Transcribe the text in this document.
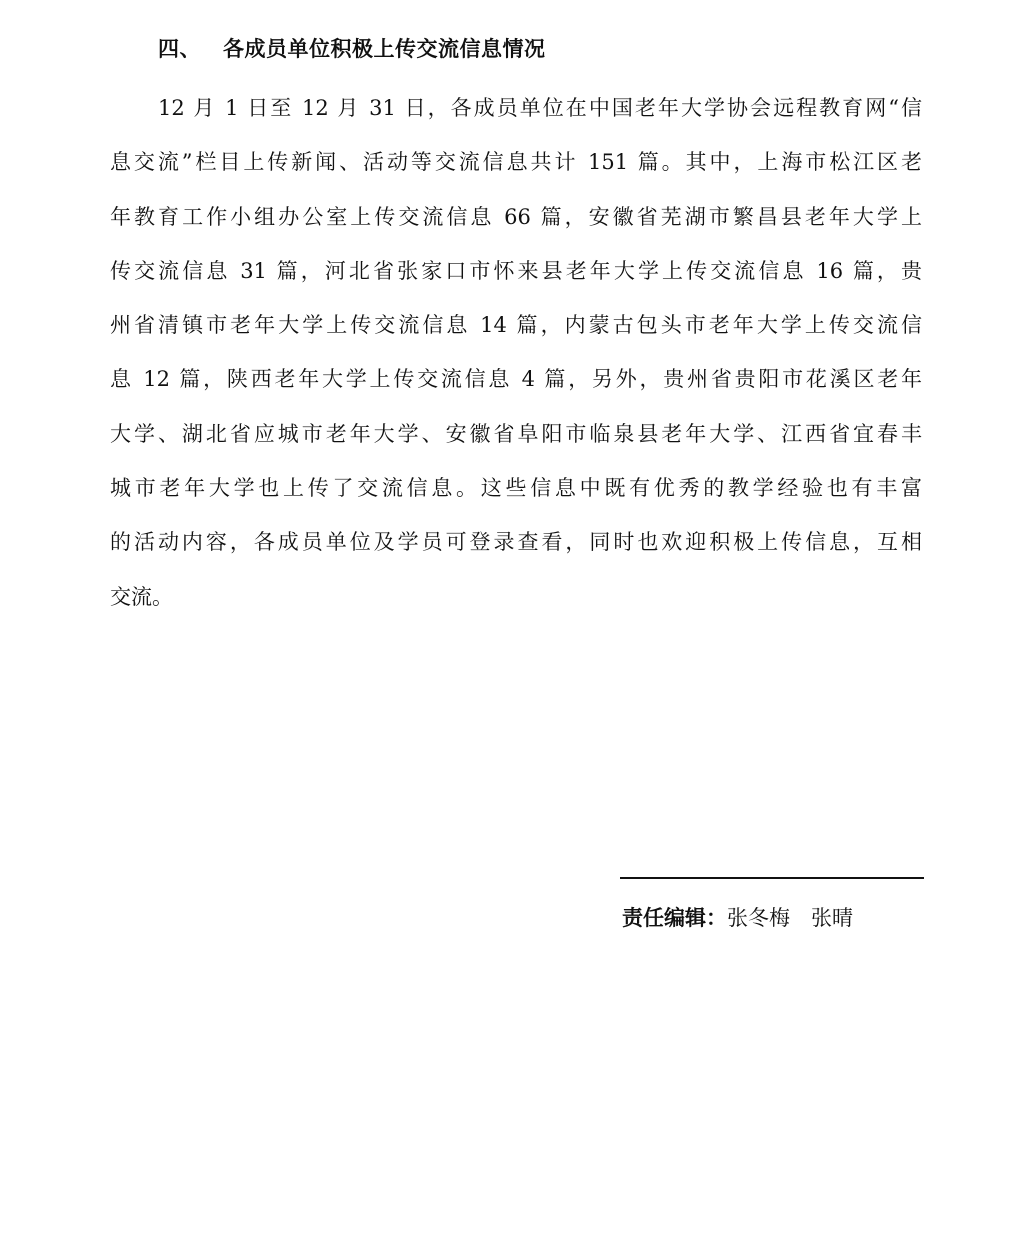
四、 各成员单位积极上传交流信息情况
12 月 1 日至 12 月 31 日，各成员单位在中国老年大学协会远程教育网“信
息交流”栏目上传新闻、活动等交流信息共计 151 篇。其中，上海市松江区老
年教育工作小组办公室上传交流信息 66 篇，安徽省芜湖市繁昌县老年大学上
传交流信息 31 篇，河北省张家口市怀来县老年大学上传交流信息 16 篇，贵
州省清镇市老年大学上传交流信息 14 篇，内蒙古包头市老年大学上传交流信
息 12 篇，陕西老年大学上传交流信息 4 篇，另外，贵州省贵阳市花溪区老年
大学、湖北省应城市老年大学、安徽省阜阳市临泉县老年大学、江西省宜春丰
城市老年大学也上传了交流信息。这些信息中既有优秀的教学经验也有丰富
的活动内容，各成员单位及学员可登录查看，同时也欢迎积极上传信息，互相
交流。
责任编辑：张冬梅　张晴
